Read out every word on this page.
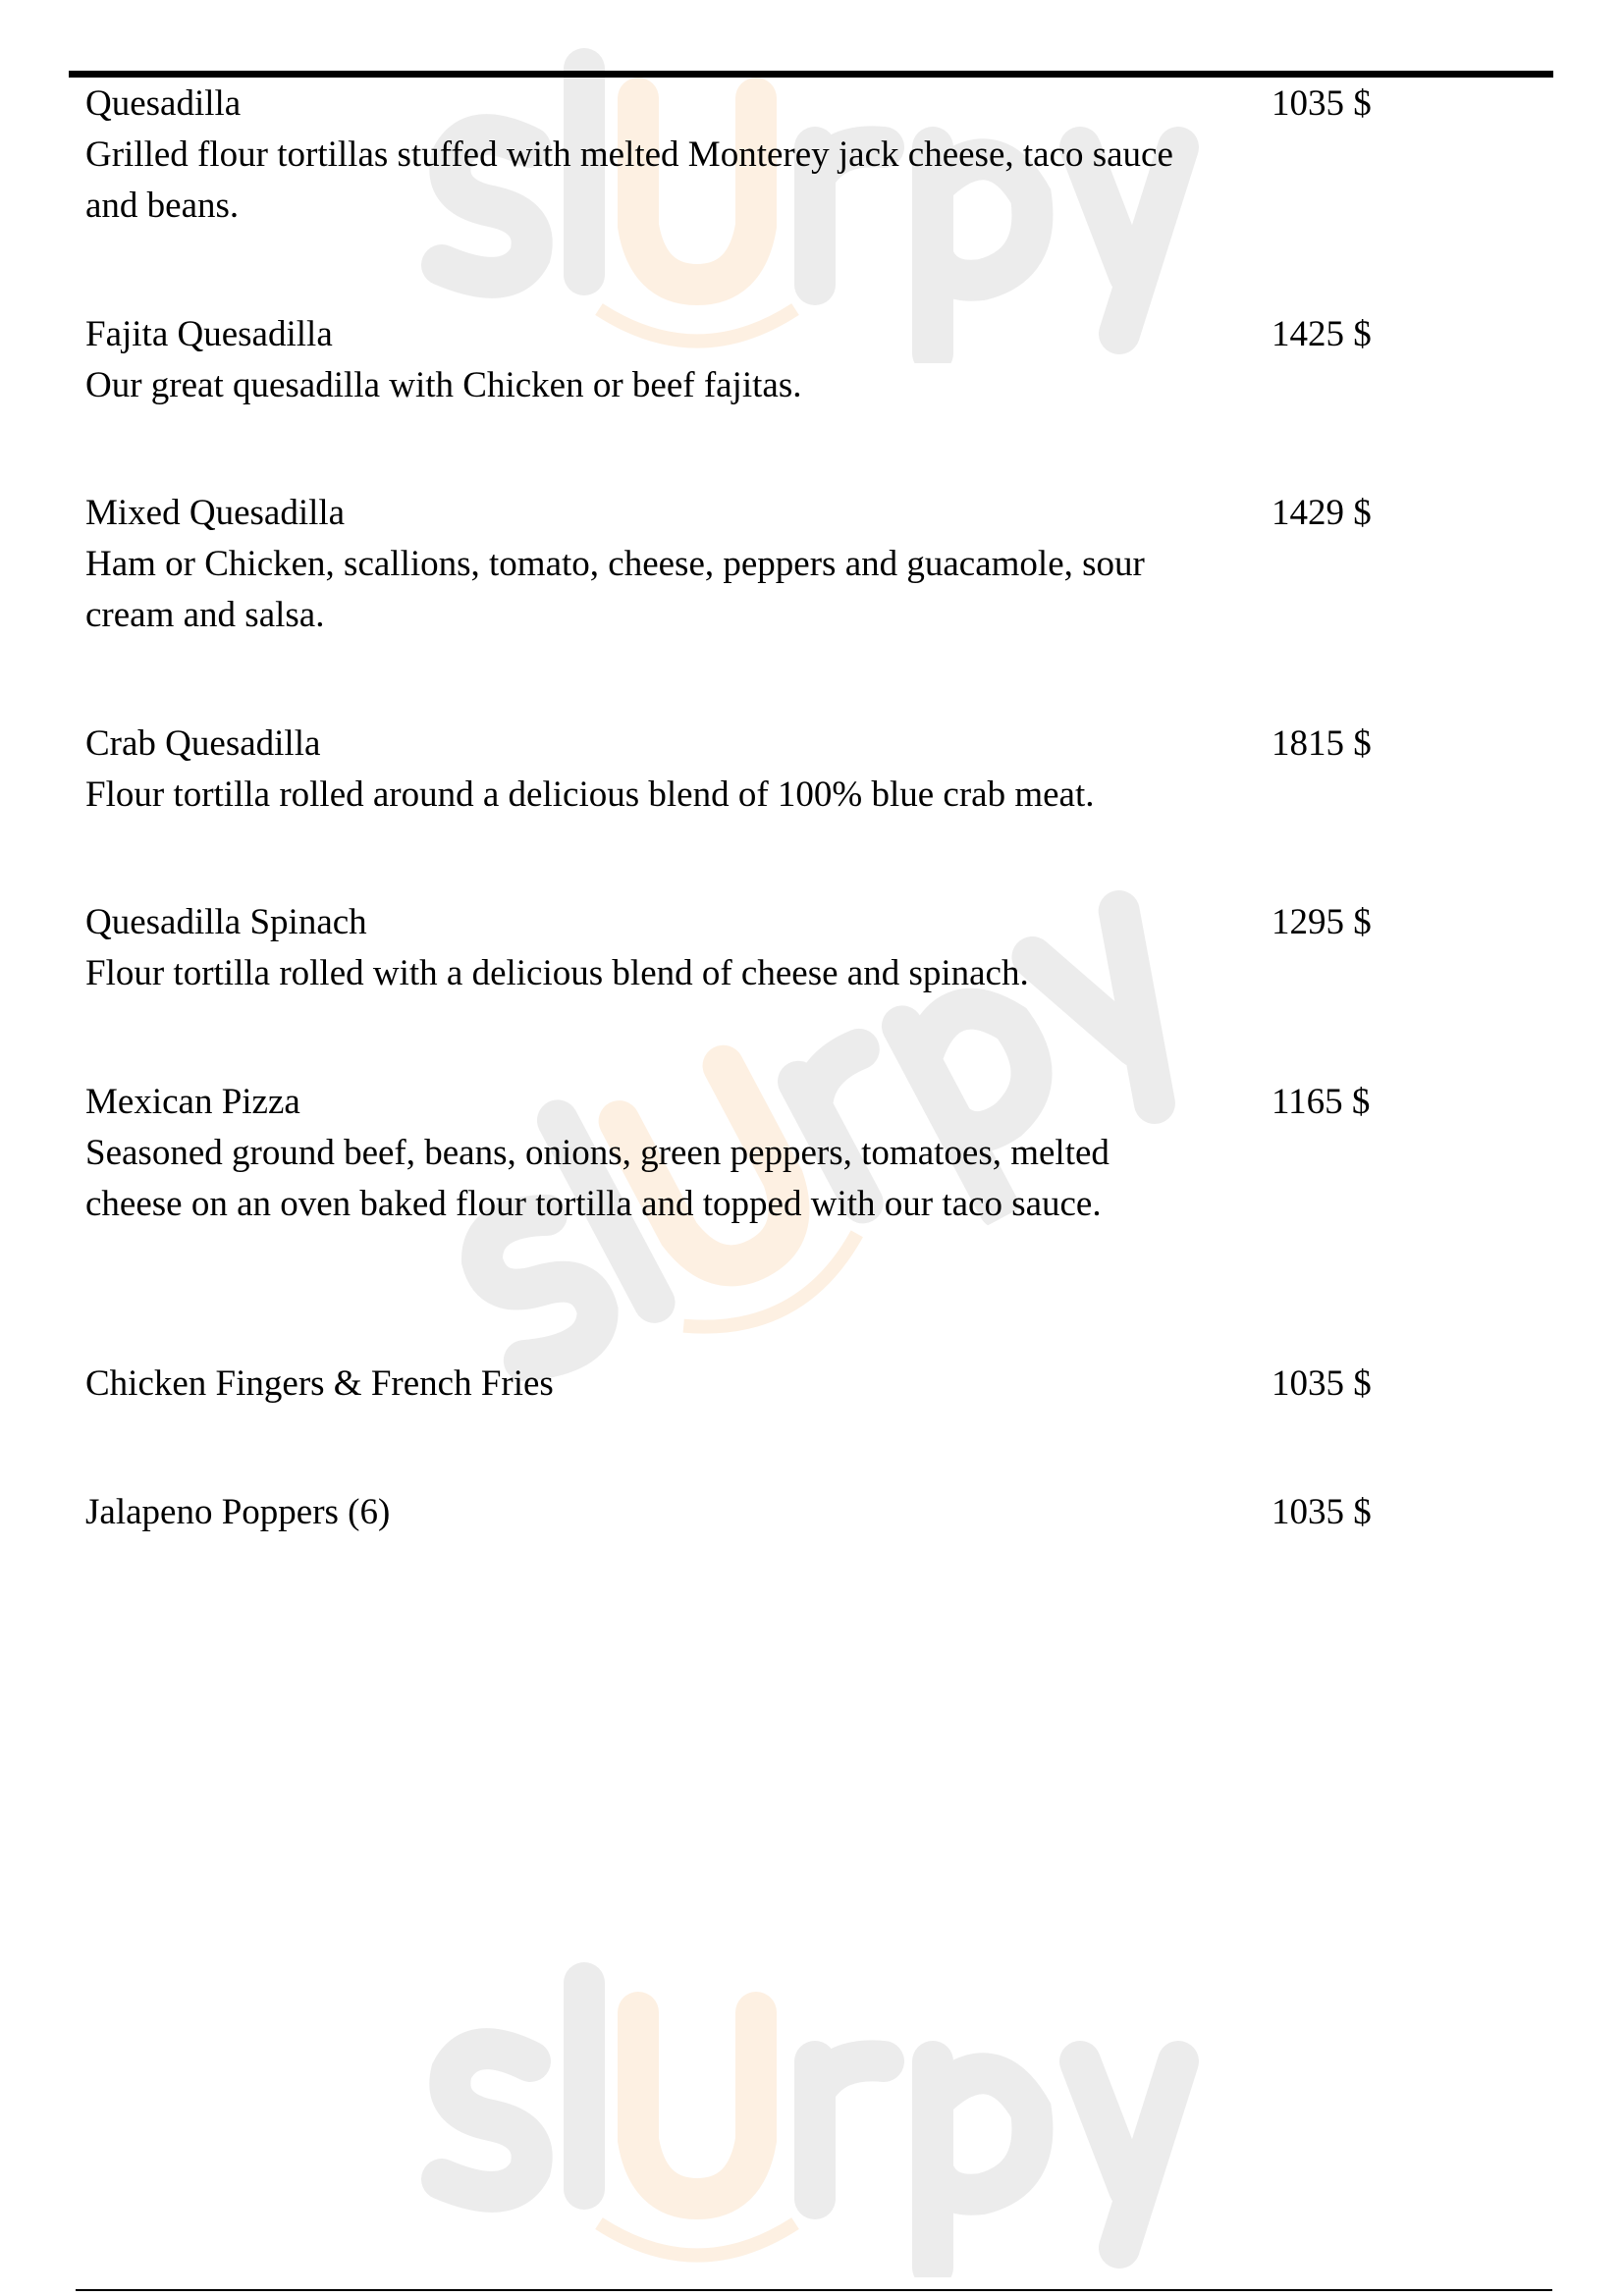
Quesadilla
Grilled flour tortillas stuffed with melted Monterey jack cheese, taco sauce and beans.
1035 $
Fajita Quesadilla
Our great quesadilla with Chicken or beef fajitas.
1425 $
Mixed Quesadilla
Ham or Chicken, scallions, tomato, cheese, peppers and guacamole, sour cream and salsa.
1429 $
Crab Quesadilla
Flour tortilla rolled around a delicious blend of 100% blue crab meat.
1815 $
Quesadilla Spinach
Flour tortilla rolled with a delicious blend of cheese and spinach.
1295 $
Mexican Pizza
Seasoned ground beef, beans, onions, green peppers, tomatoes, melted cheese on an oven baked flour tortilla and topped with our taco sauce.
1165 $
Chicken Fingers & French Fries	1035 $
Jalapeno Poppers (6)	1035 $
